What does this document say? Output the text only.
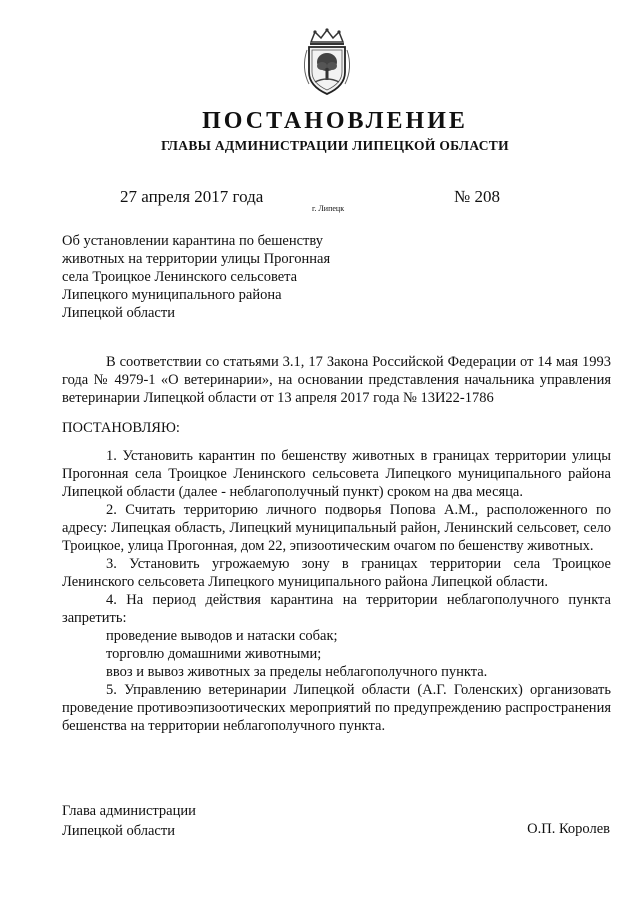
ПОСТАНОВЛЕНИЕ
ГЛАВЫ АДМИНИСТРАЦИИ ЛИПЕЦКОЙ ОБЛАСТИ
27 апреля 2017 года
г. Липецк
№ 208
Об установлении карантина по бешенству
животных на территории улицы Прогонная
села Троицкое Ленинского сельсовета
Липецкого муниципального района
Липецкой области

В соответствии со статьями 3.1, 17 Закона Российской Федерации от 14 мая 1993 года № 4979-1 «О ветеринарии», на основании представления начальника управления ветеринарии Липецкой области от 13 апреля 2017 года № 13И22-1786

ПОСТАНОВЛЯЮ:

1. Установить карантин по бешенству животных в границах территории улицы Прогонная села Троицкое Ленинского сельсовета Липецкого муниципального района Липецкой области (далее - неблагополучный пункт) сроком на два месяца.

2. Считать территорию личного подворья Попова А.М., расположенного по адресу: Липецкая область, Липецкий муниципальный район, Ленинский сельсовет, село Троицкое, улица Прогонная, дом 22, эпизоотическим очагом по бешенству животных.

3. Установить угрожаемую зону в границах территории села Троицкое Ленинского сельсовета Липецкого муниципального района Липецкой области.

4. На период действия карантина на территории неблагополучного пункта запретить:

проведение выводов и натаски собак;

торговлю домашними животными;

ввоз и вывоз животных за пределы неблагополучного пункта.

5. Управлению ветеринарии Липецкой области (А.Г. Голенских) организовать проведение противоэпизоотических мероприятий по предупреждению распространения бешенства на территории неблагополучного пункта.

Глава администрации
Липецкой области	О.П. Королев
